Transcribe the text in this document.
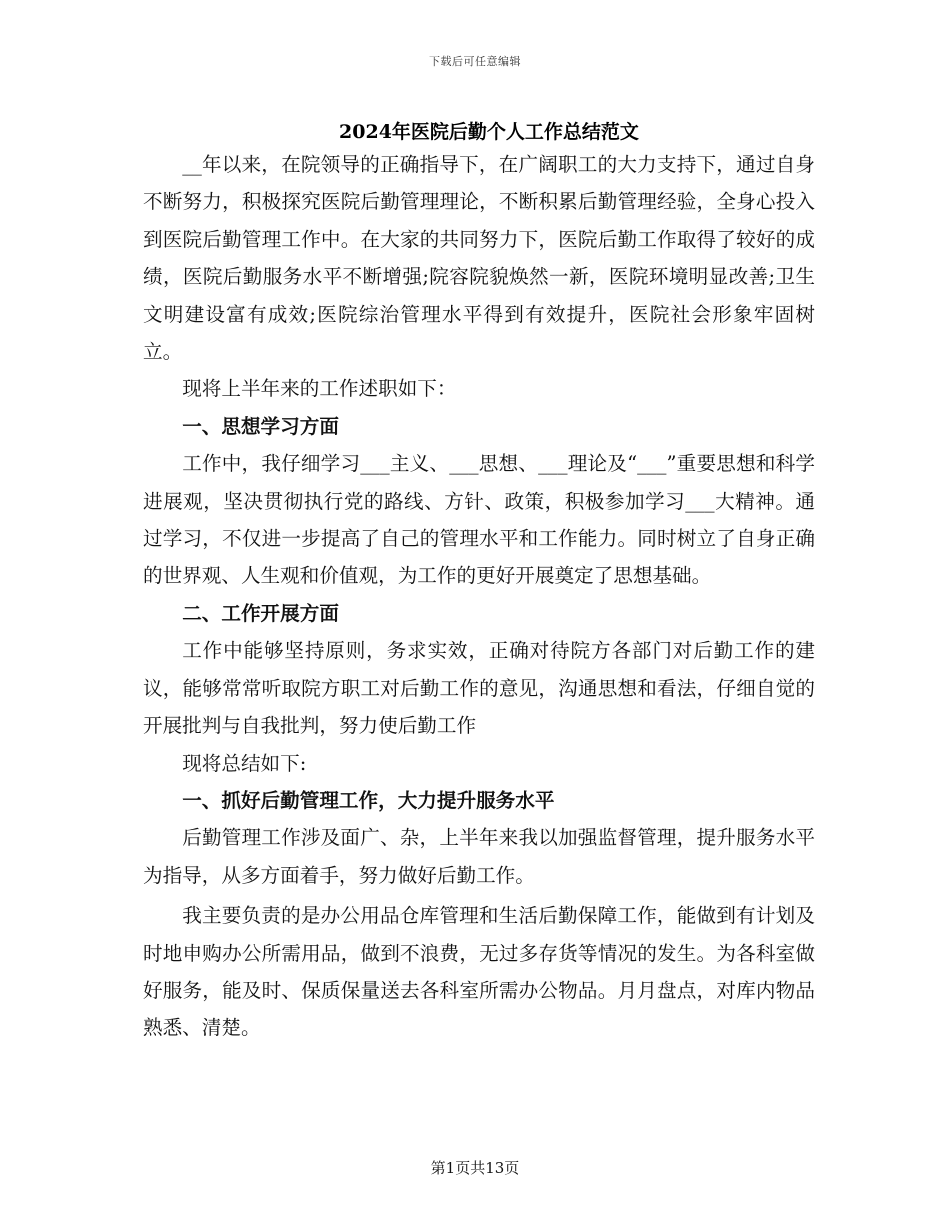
下载后可任意编辑
2024年医院后勤个人工作总结范文

__年以来，在院领导的正确指导下，在广阔职工的大力支持下，通过自身不断努力，积极探究医院后勤管理理论，不断积累后勤管理经验，全身心投入到医院后勤管理工作中。在大家的共同努力下，医院后勤工作取得了较好的成绩，医院后勤服务水平不断增强;院容院貌焕然一新，医院环境明显改善;卫生文明建设富有成效;医院综治管理水平得到有效提升，医院社会形象牢固树立。

现将上半年来的工作述职如下：

一、思想学习方面

工作中，我仔细学习___主义、___思想、___理论及“___”重要思想和科学进展观，坚决贯彻执行党的路线、方针、政策，积极参加学习___大精神。通过学习，不仅进一步提高了自己的管理水平和工作能力。同时树立了自身正确的世界观、人生观和价值观，为工作的更好开展奠定了思想基础。

二、工作开展方面

工作中能够坚持原则，务求实效，正确对待院方各部门对后勤工作的建议，能够常常听取院方职工对后勤工作的意见，沟通思想和看法，仔细自觉的开展批判与自我批判，努力使后勤工作

现将总结如下:

一、抓好后勤管理工作，大力提升服务水平

后勤管理工作涉及面广、杂，上半年来我以加强监督管理，提升服务水平为指导，从多方面着手，努力做好后勤工作。

我主要负责的是办公用品仓库管理和生活后勤保障工作，能做到有计划及时地申购办公所需用品，做到不浪费，无过多存货等情况的发生。为各科室做好服务，能及时、保质保量送去各科室所需办公物品。月月盘点，对库内物品熟悉、清楚。

第1页共13页
